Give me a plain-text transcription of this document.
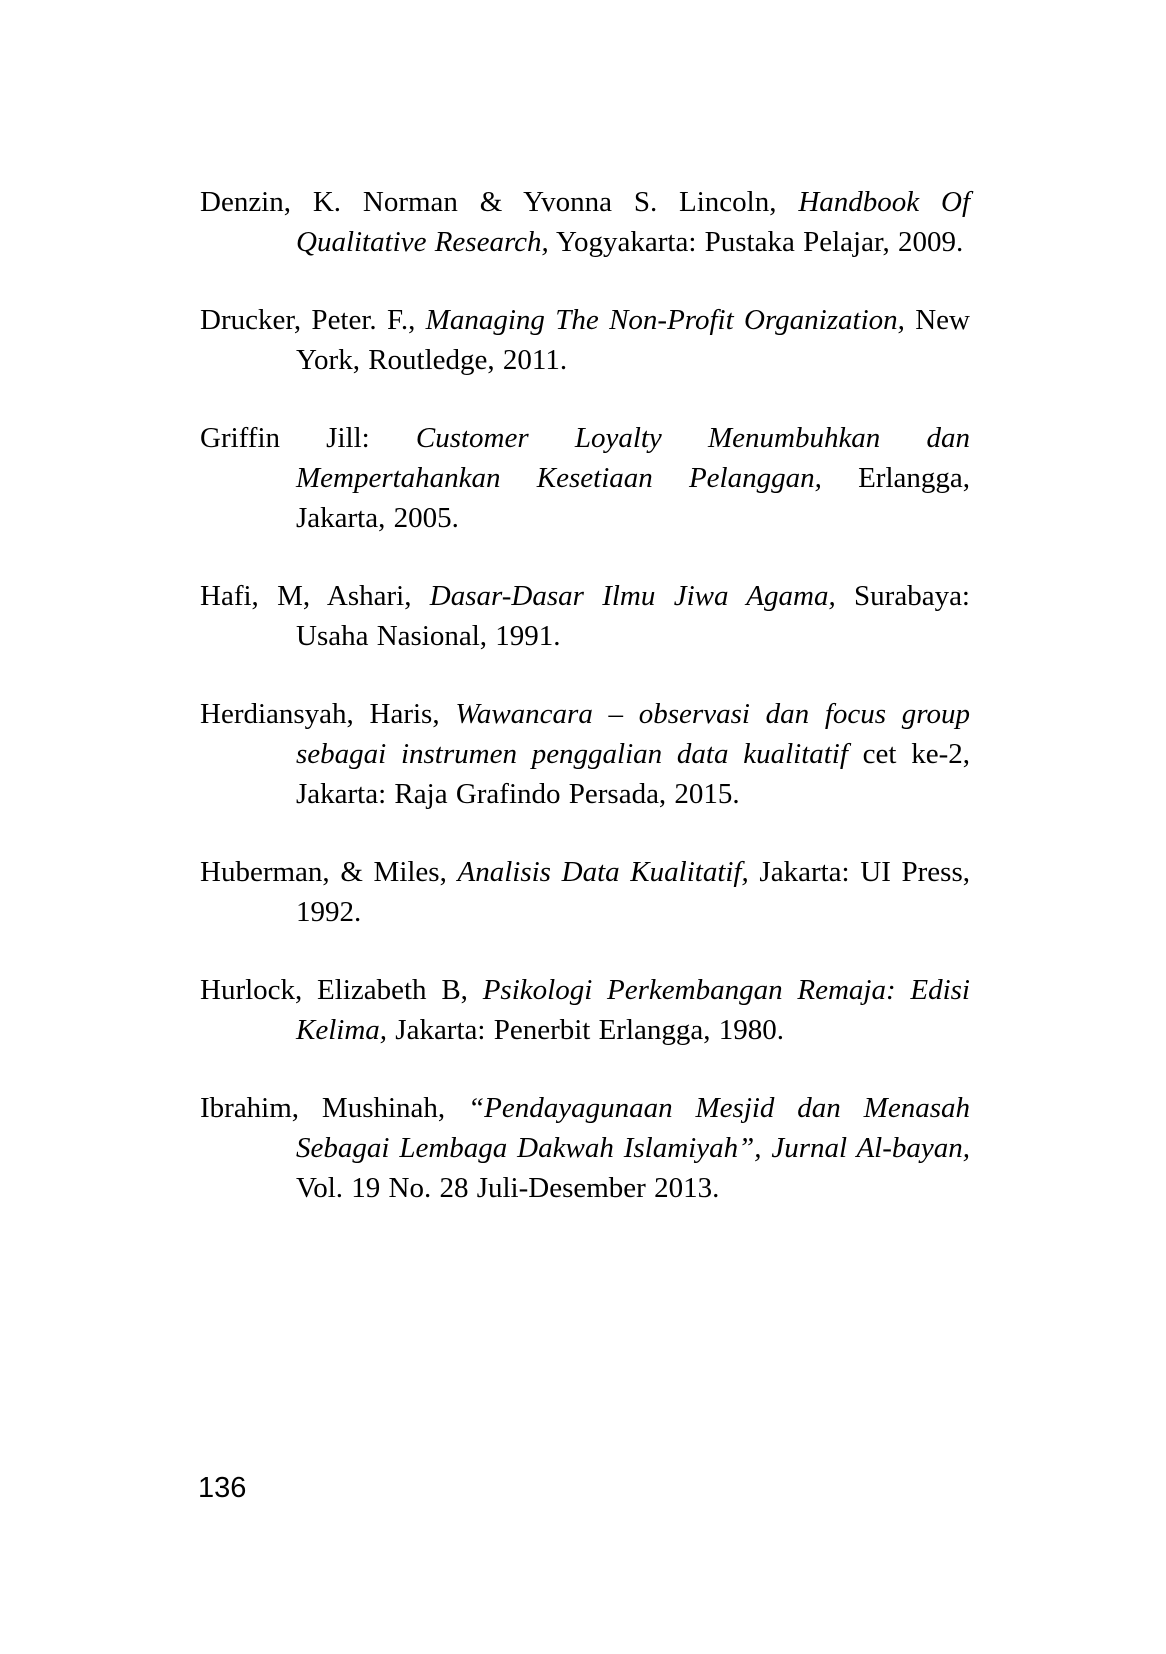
Denzin, K. Norman & Yvonna S. Lincoln, Handbook Of Qualitative Research, Yogyakarta: Pustaka Pelajar, 2009.

Drucker, Peter. F., Managing The Non-Profit Organization, New York, Routledge, 2011.

Griffin Jill: Customer Loyalty Menumbuhkan dan Mempertahankan Kesetiaan Pelanggan, Erlangga, Jakarta, 2005.

Hafi, M, Ashari, Dasar-Dasar Ilmu Jiwa Agama, Surabaya: Usaha Nasional, 1991.

Herdiansyah, Haris, Wawancara – observasi dan focus group sebagai instrumen penggalian data kualitatif cet ke-2, Jakarta: Raja Grafindo Persada, 2015.

Huberman, & Miles, Analisis Data Kualitatif, Jakarta: UI Press, 1992.

Hurlock, Elizabeth B, Psikologi Perkembangan Remaja: Edisi Kelima, Jakarta: Penerbit Erlangga, 1980.

Ibrahim, Mushinah, “Pendayagunaan Mesjid dan Menasah Sebagai Lembaga Dakwah Islamiyah”, Jurnal Al-bayan, Vol. 19 No. 28 Juli-Desember 2013.

136
